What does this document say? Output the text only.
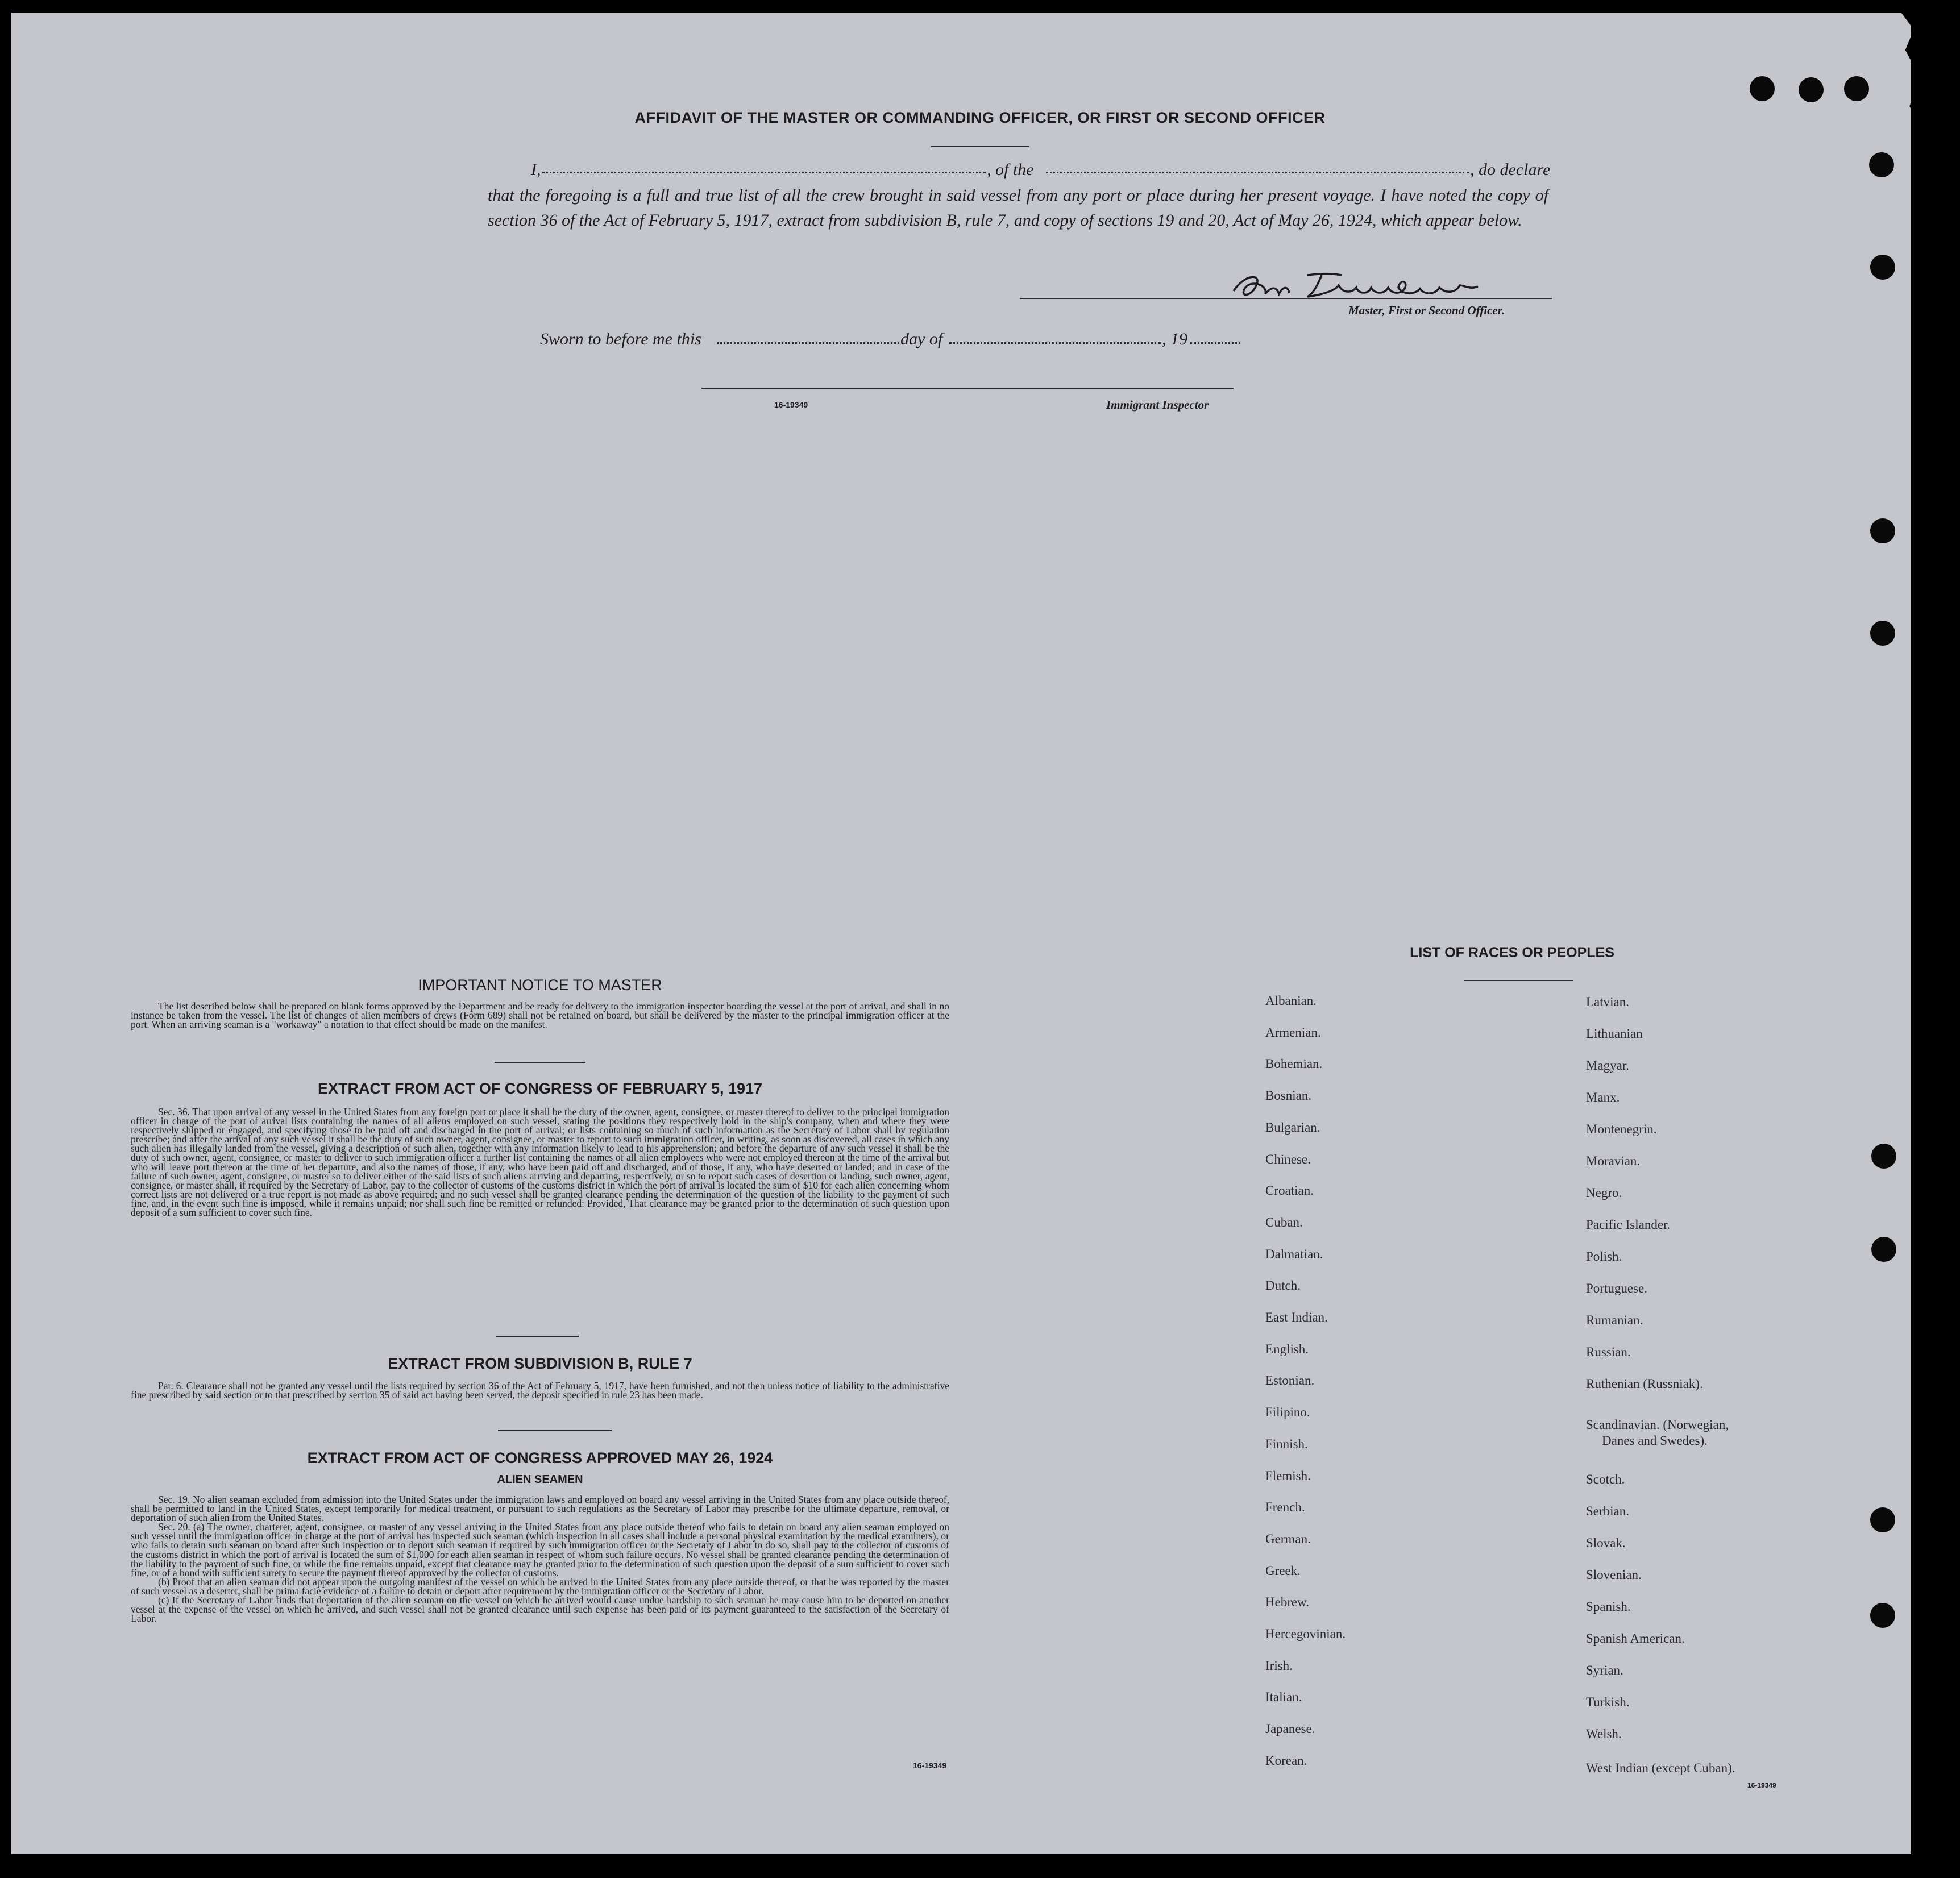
AFFIDAVIT OF THE MASTER OR COMMANDING OFFICER, OR FIRST OR SECOND OFFICER
I,	, of the	, do declare
that the foregoing is a full and true list of all the crew brought in said vessel from any port or place during her present voyage. I have noted the copy of section 36 of the Act of February 5, 1917, extract from subdivision B, rule 7, and copy of sections 19 and 20, Act of May 26, 1924, which appear below.
Master, First or Second Officer.
Sworn to before me this	day of	, 19
16-19349	Immigrant Inspector
IMPORTANT NOTICE TO MASTER

The list described below shall be prepared on blank forms approved by the Department and be ready for delivery to the immigration inspector boarding the vessel at the port of arrival, and shall in no instance be taken from the vessel. The list of changes of alien members of crews (Form 689) shall not be retained on board, but shall be delivered by the master to the principal immigration officer at the port. When an arriving seaman is a "workaway" a notation to that effect should be made on the manifest.

EXTRACT FROM ACT OF CONGRESS OF FEBRUARY 5, 1917

Sec. 36. That upon arrival of any vessel in the United States from any foreign port or place it shall be the duty of the owner, agent, consignee, or master thereof to deliver to the principal immigration officer in charge of the port of arrival lists containing the names of all aliens employed on such vessel, stating the positions they respectively hold in the ship's company, when and where they were respectively shipped or engaged, and specifying those to be paid off and discharged in the port of arrival; or lists containing so much of such information as the Secretary of Labor shall by regulation prescribe; and after the arrival of any such vessel it shall be the duty of such owner, agent, consignee, or master to report to such immigration officer, in writing, as soon as discovered, all cases in which any such alien has illegally landed from the vessel, giving a description of such alien, together with any information likely to lead to his apprehension; and before the departure of any such vessel it shall be the duty of such owner, agent, consignee, or master to deliver to such immigration officer a further list containing the names of all alien employees who were not employed thereon at the time of the arrival but who will leave port thereon at the time of her departure, and also the names of those, if any, who have been paid off and discharged, and of those, if any, who have deserted or landed; and in case of the failure of such owner, agent, consignee, or master so to deliver either of the said lists of such aliens arriving and departing, respectively, or so to report such cases of desertion or landing, such owner, agent, consignee, or master shall, if required by the Secretary of Labor, pay to the collector of customs of the customs district in which the port of arrival is located the sum of $10 for each alien concerning whom correct lists are not delivered or a true report is not made as above required; and no such vessel shall be granted clearance pending the determination of the question of the liability to the payment of such fine, and, in the event such fine is imposed, while it remains unpaid; nor shall such fine be remitted or refunded: Provided, That clearance may be granted prior to the determination of such question upon deposit of a sum sufficient to cover such fine.

EXTRACT FROM SUBDIVISION B, RULE 7

Par. 6. Clearance shall not be granted any vessel until the lists required by section 36 of the Act of February 5, 1917, have been furnished, and not then unless notice of liability to the administrative fine prescribed by said section or to that prescribed by section 35 of said act having been served, the deposit specified in rule 23 has been made.

EXTRACT FROM ACT OF CONGRESS APPROVED MAY 26, 1924
ALIEN SEAMEN

Sec. 19. No alien seaman excluded from admission into the United States under the immigration laws and employed on board any vessel arriving in the United States from any place outside thereof, shall be permitted to land in the United States, except temporarily for medical treatment, or pursuant to such regulations as the Secretary of Labor may prescribe for the ultimate departure, removal, or deportation of such alien from the United States.

Sec. 20. (a) The owner, charterer, agent, consignee, or master of any vessel arriving in the United States from any place outside thereof who fails to detain on board any alien seaman employed on such vessel until the immigration officer in charge at the port of arrival has inspected such seaman (which inspection in all cases shall include a personal physical examination by the medical examiners), or who fails to detain such seaman on board after such inspection or to deport such seaman if required by such immigration officer or the Secretary of Labor to do so, shall pay to the collector of customs of the customs district in which the port of arrival is located the sum of $1,000 for each alien seaman in respect of whom such failure occurs. No vessel shall be granted clearance pending the determination of the liability to the payment of such fine, or while the fine remains unpaid, except that clearance may be granted prior to the determination of such question upon the deposit of a sum sufficient to cover such fine, or of a bond with sufficient surety to secure the payment thereof approved by the collector of customs.

(b) Proof that an alien seaman did not appear upon the outgoing manifest of the vessel on which he arrived in the United States from any place outside thereof, or that he was reported by the master of such vessel as a deserter, shall be prima facie evidence of a failure to detain or deport after requirement by the immigration officer or the Secretary of Labor.

(c) If the Secretary of Labor finds that deportation of the alien seaman on the vessel on which he arrived would cause undue hardship to such seaman he may cause him to be deported on another vessel at the expense of the vessel on which he arrived, and such vessel shall not be granted clearance until such expense has been paid or its payment guaranteed to the satisfaction of the Secretary of Labor.

16-19349
LIST OF RACES OR PEOPLES
Albanian.
Armenian.
Bohemian.
Bosnian.
Bulgarian.
Chinese.
Croatian.
Cuban.
Dalmatian.
Dutch.
East Indian.
English.
Estonian.
Filipino.
Finnish.
Flemish.
French.
German.
Greek.
Hebrew.
Hercegovinian.
Irish.
Italian.
Japanese.
Korean.
Latvian.
Lithuanian
Magyar.
Manx.
Montenegrin.
Moravian.
Negro.
Pacific Islander.
Polish.
Portuguese.
Rumanian.
Russian.
Ruthenian (Russniak).
Scandinavian. (Norwegian,
Danes and Swedes).
Scotch.
Serbian.
Slovak.
Slovenian.
Spanish.
Spanish American.
Syrian.
Turkish.
Welsh.
West Indian (except Cuban).
16-19349
